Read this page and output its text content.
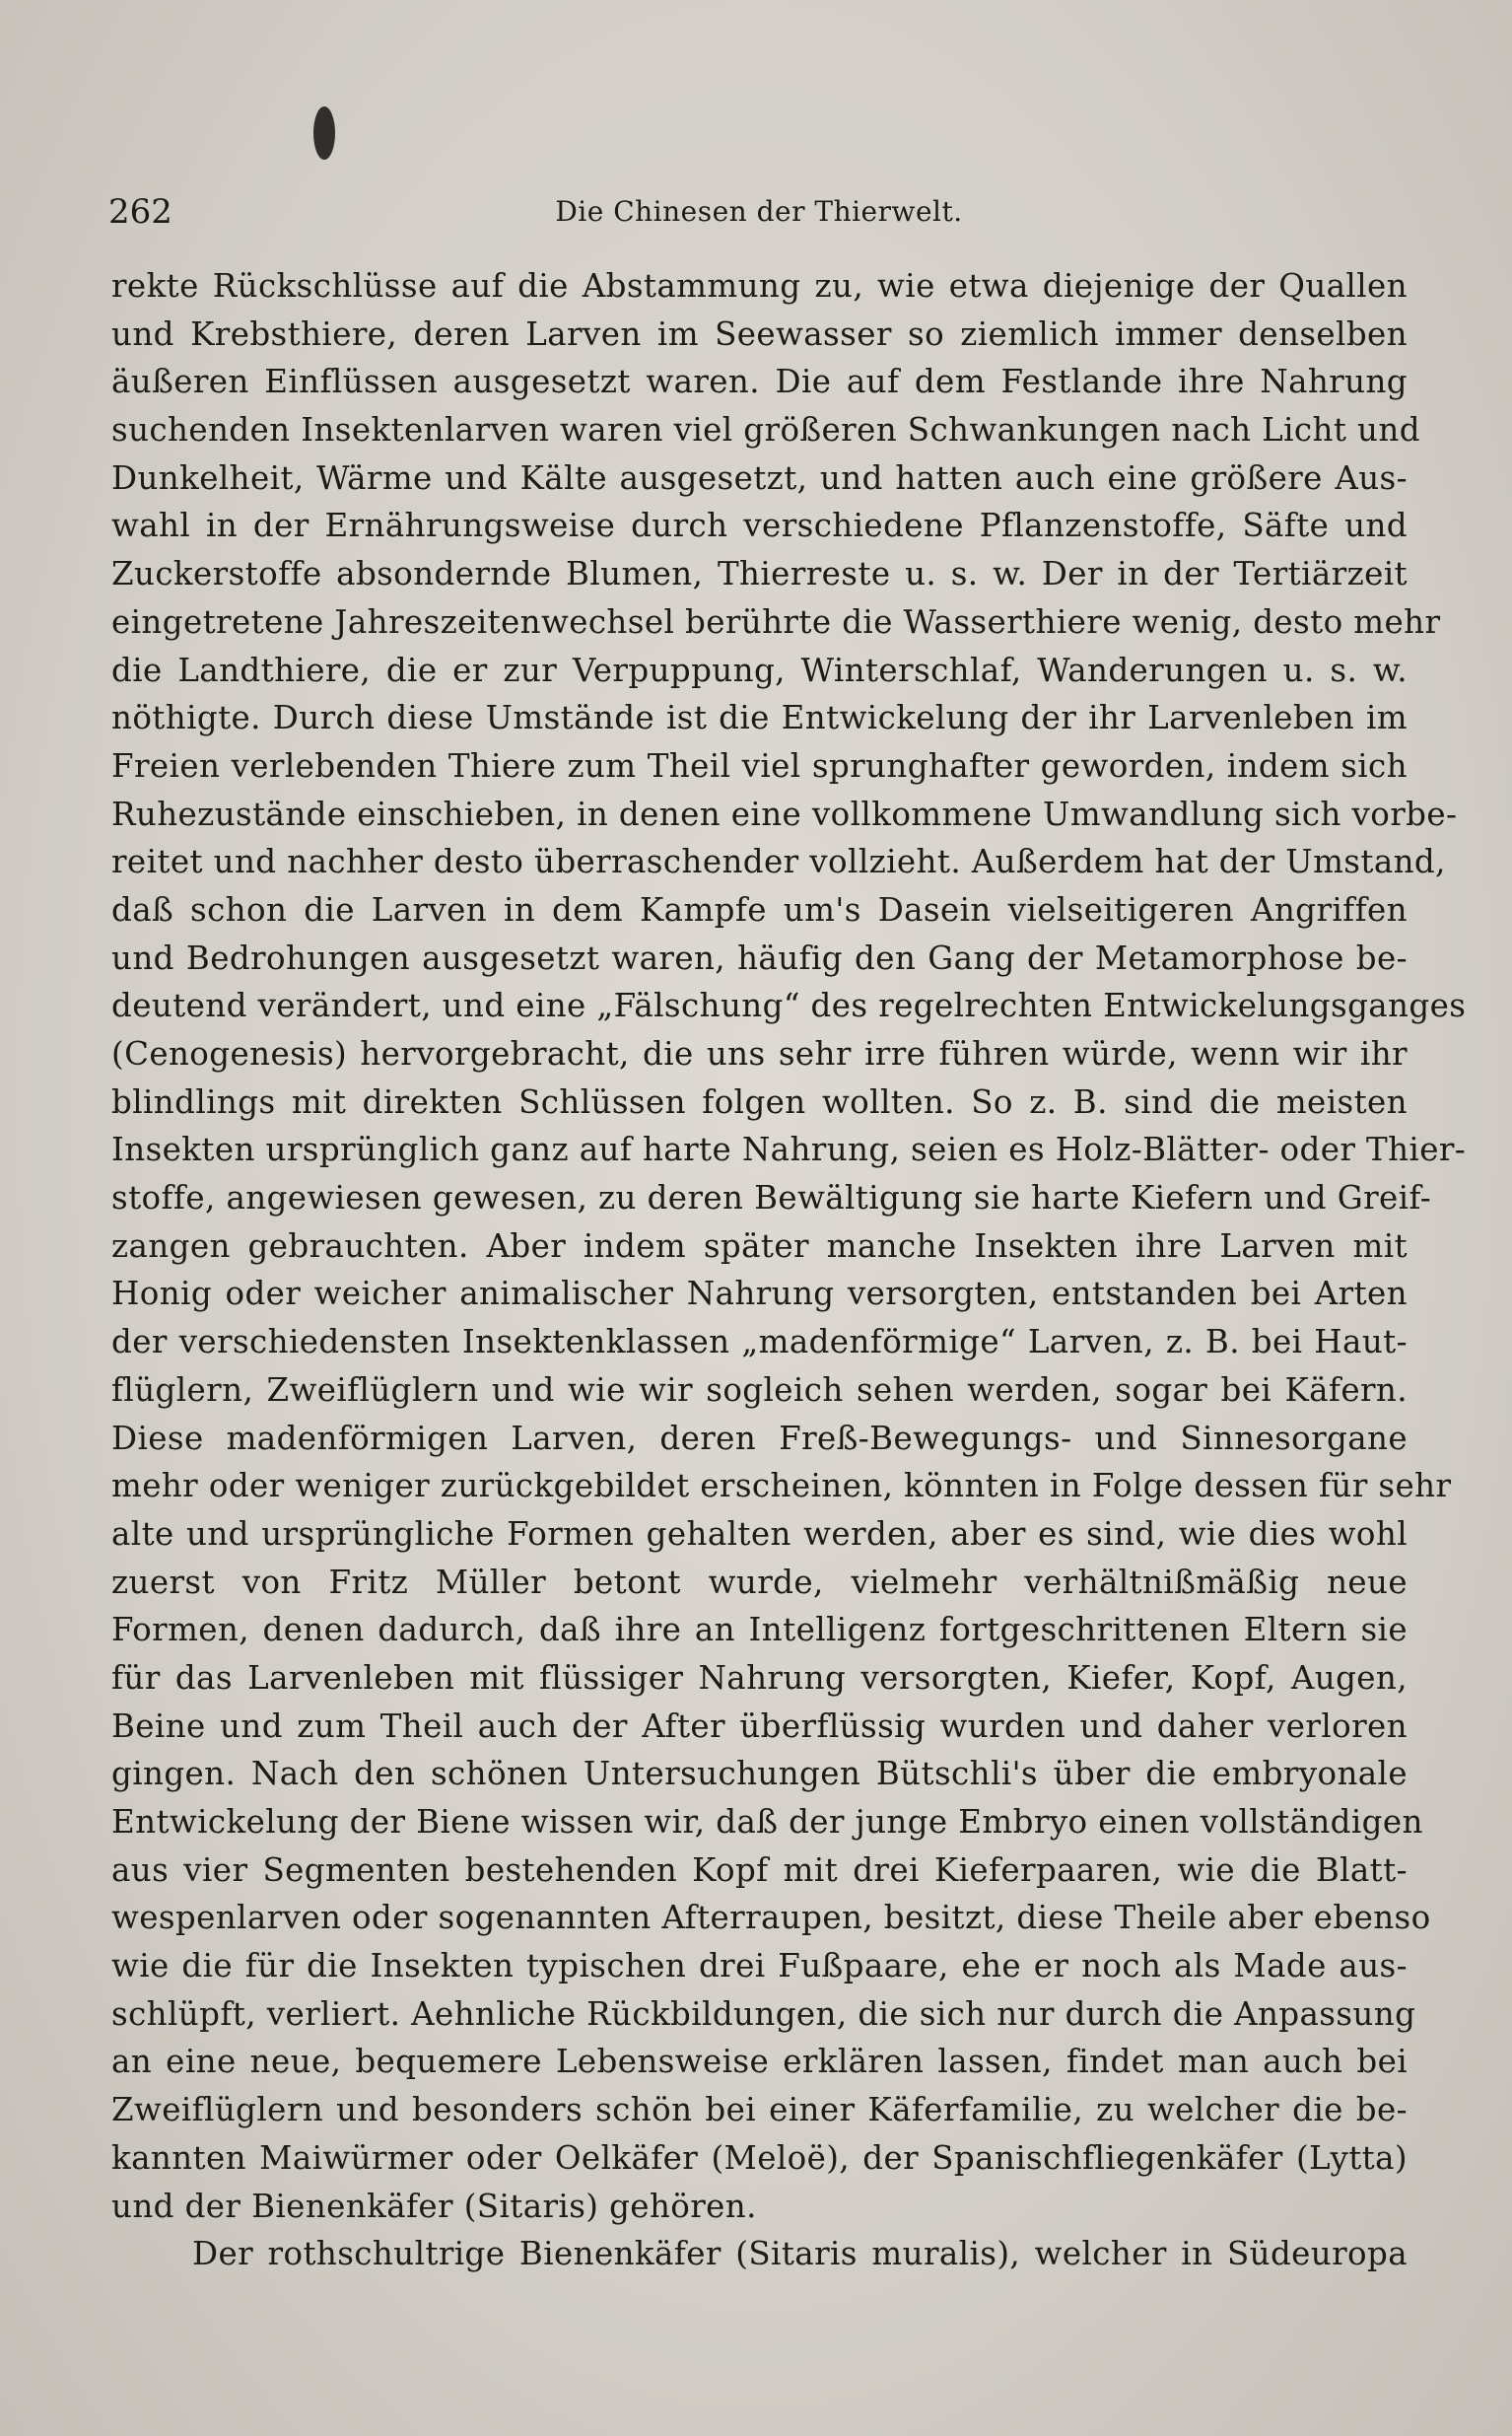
262	Die Chinesen der Thierwelt.
rekte Rückschlüsse auf die Abstammung zu, wie etwa diejenige der Quallen
und Krebsthiere, deren Larven im Seewasser so ziemlich immer denselben
äußeren Einflüssen ausgesetzt waren. Die auf dem Festlande ihre Nahrung
suchenden Insektenlarven waren viel größeren Schwankungen nach Licht und
Dunkelheit, Wärme und Kälte ausgesetzt, und hatten auch eine größere Aus-
wahl in der Ernährungsweise durch verschiedene Pflanzenstoffe, Säfte und
Zuckerstoffe absondernde Blumen, Thierreste u. s. w. Der in der Tertiärzeit
eingetretene Jahreszeitenwechsel berührte die Wasserthiere wenig, desto mehr
die Landthiere, die er zur Verpuppung, Winterschlaf, Wanderungen u. s. w.
nöthigte. Durch diese Umstände ist die Entwickelung der ihr Larvenleben im
Freien verlebenden Thiere zum Theil viel sprunghafter geworden, indem sich
Ruhezustände einschieben, in denen eine vollkommene Umwandlung sich vorbe-
reitet und nachher desto überraschender vollzieht. Außerdem hat der Umstand,
daß schon die Larven in dem Kampfe um's Dasein vielseitigeren Angriffen
und Bedrohungen ausgesetzt waren, häufig den Gang der Metamorphose be-
deutend verändert, und eine „Fälschung“ des regelrechten Entwickelungsganges
(Cenogenesis) hervorgebracht, die uns sehr irre führen würde, wenn wir ihr
blindlings mit direkten Schlüssen folgen wollten. So z. B. sind die meisten
Insekten ursprünglich ganz auf harte Nahrung, seien es Holz-Blätter- oder Thier-
stoffe, angewiesen gewesen, zu deren Bewältigung sie harte Kiefern und Greif-
zangen gebrauchten. Aber indem später manche Insekten ihre Larven mit
Honig oder weicher animalischer Nahrung versorgten, entstanden bei Arten
der verschiedensten Insektenklassen „madenförmige“ Larven, z. B. bei Haut-
flüglern, Zweiflüglern und wie wir sogleich sehen werden, sogar bei Käfern.
Diese madenförmigen Larven, deren Freß-Bewegungs- und Sinnesorgane
mehr oder weniger zurückgebildet erscheinen, könnten in Folge dessen für sehr
alte und ursprüngliche Formen gehalten werden, aber es sind, wie dies wohl
zuerst von Fritz Müller betont wurde, vielmehr verhältnißmäßig neue
Formen, denen dadurch, daß ihre an Intelligenz fortgeschrittenen Eltern sie
für das Larvenleben mit flüssiger Nahrung versorgten, Kiefer, Kopf, Augen,
Beine und zum Theil auch der After überflüssig wurden und daher verloren
gingen. Nach den schönen Untersuchungen Bütschli's über die embryonale
Entwickelung der Biene wissen wir, daß der junge Embryo einen vollständigen
aus vier Segmenten bestehenden Kopf mit drei Kieferpaaren, wie die Blatt-
wespenlarven oder sogenannten Afterraupen, besitzt, diese Theile aber ebenso
wie die für die Insekten typischen drei Fußpaare, ehe er noch als Made aus-
schlüpft, verliert. Aehnliche Rückbildungen, die sich nur durch die Anpassung
an eine neue, bequemere Lebensweise erklären lassen, findet man auch bei
Zweiflüglern und besonders schön bei einer Käferfamilie, zu welcher die be-
kannten Maiwürmer oder Oelkäfer (Meloë), der Spanischfliegenkäfer (Lytta)
und der Bienenkäfer (Sitaris) gehören.
Der rothschultrige Bienenkäfer (Sitaris muralis), welcher in Südeuropa
